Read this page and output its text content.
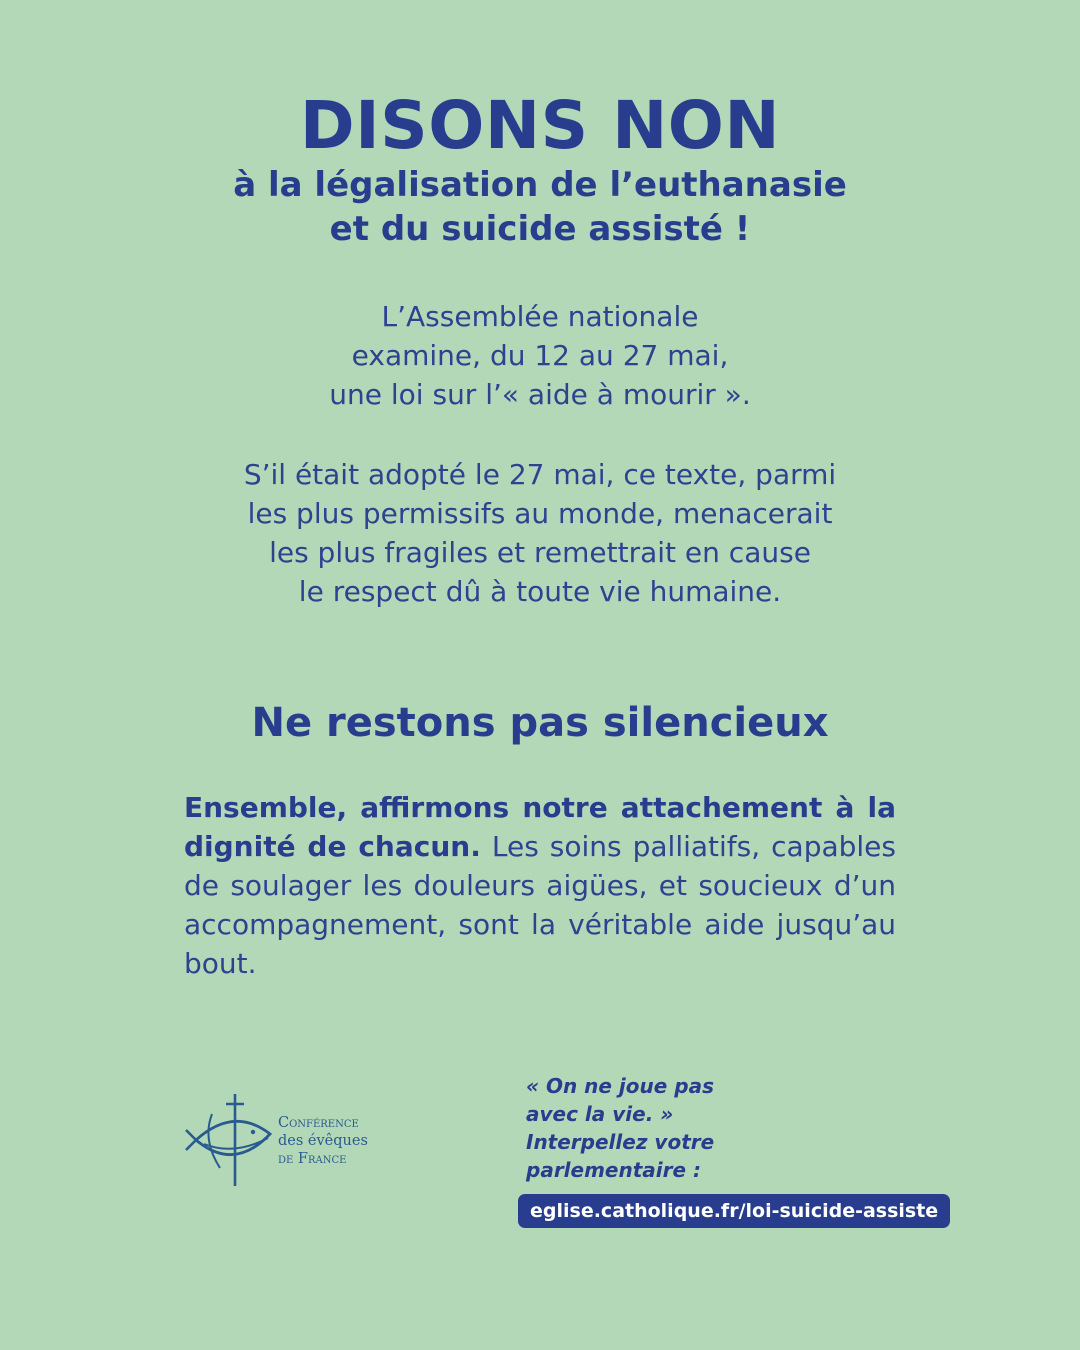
DISONS NON
à la légalisation de l’euthanasie
et du suicide assisté !
L’Assemblée nationale
examine, du 12 au 27 mai,
une loi sur l’« aide à mourir ».
S’il était adopté le 27 mai, ce texte, parmi
les plus permissifs au monde, menacerait
les plus fragiles et remettrait en cause
le respect dû à toute vie humaine.
Ne restons pas silencieux

Ensemble, affirmons notre attachement à la dignité de chacun. Les soins palliatifs, capables de soulager les douleurs aigües, et soucieux d’un accompagnement, sont la véritable aide jusqu’au bout.

Conférence
des évêques
de France
« On ne joue pas
avec la vie. »
Interpellez votre
parlementaire :
eglise.catholique.fr/loi-suicide-assiste
